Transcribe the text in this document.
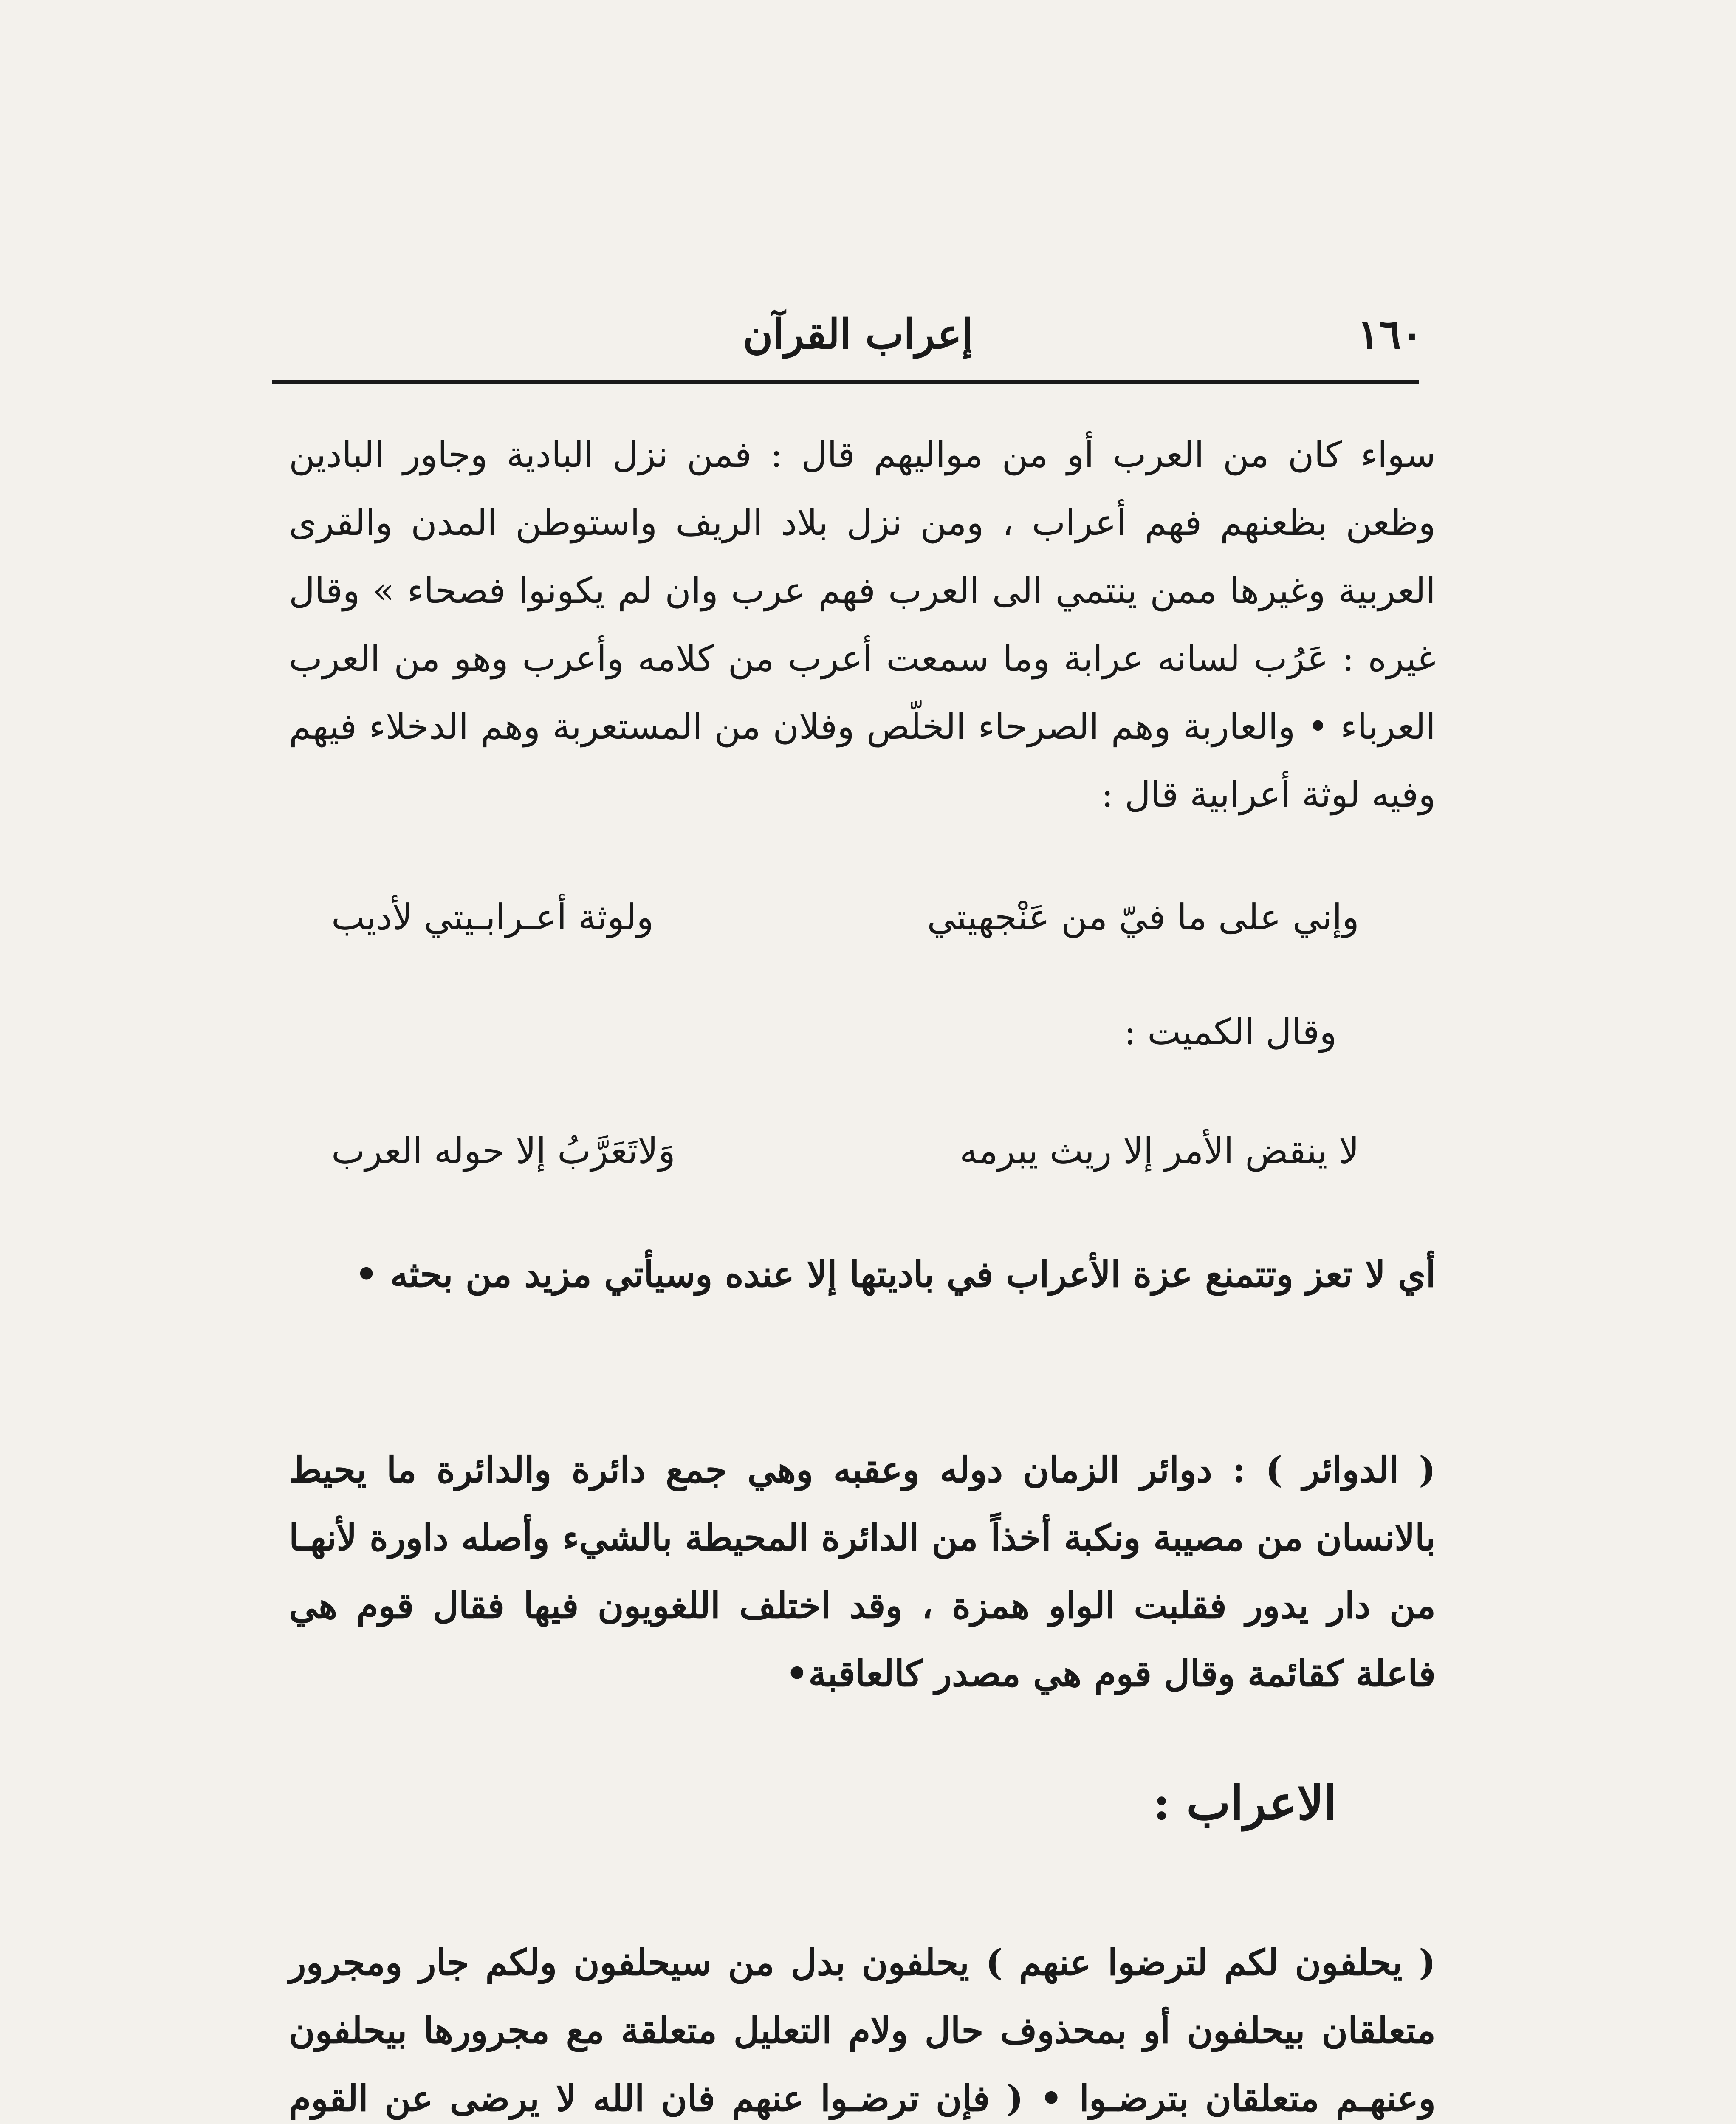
١٦٠
إعراب القرآن
سواء كان من العرب أو من مواليهم قال : فمن نزل البادية وجاور البادين وظعن بظعنهم فهم أعراب ، ومن نزل بلاد الريف واستوطن المدن والقرى العربية وغيرها ممن ينتمي الى العرب فهم عرب وان لم يكونوا فصحاء » وقال غيره : عَرُب لسانه عرابة وما سمعت أعرب من كلامه وأعرب وهو من العرب العرباء • والعاربة وهم الصرحاء الخلّص وفلان من المستعربة وهم الدخلاء فيهم وفيه لوثة أعرابية قال :
وإني على ما فيّ من عَنْجهيتي
ولوثة أعـرابـيتي لأديب
وقال الكميت :
لا ينقض الأمر إلا ريث يبرمه
وَلاتَعَرَّبُ إلا حوله العرب
أي لا تعز وتتمنع عزة الأعراب في باديتها إلا عنده وسيأتي مزيد من بحثه •
( الدوائر ) : دوائر الزمان دوله وعقبه وهي جمع دائرة والدائرة ما يحيط بالانسان من مصيبة ونكبة أخذاً من الدائرة المحيطة بالشيء وأصله داورة لأنهـا من دار يدور فقلبت الواو همزة ، وقد اختلف اللغويون فيها فقال قوم هي فاعلة كقائمة وقال قوم هي مصدر كالعاقبة•
الاعراب :
( يحلفون لكم لترضوا عنهم ) يحلفون بدل من سيحلفون ولكم جار ومجرور متعلقان بيحلفون أو بمحذوف حال ولام التعليل متعلقة مع مجرورها بيحلفون وعنهـم متعلقان بترضـوا • ( فإن ترضـوا عنهم فان الله لا يرضى عن القوم
